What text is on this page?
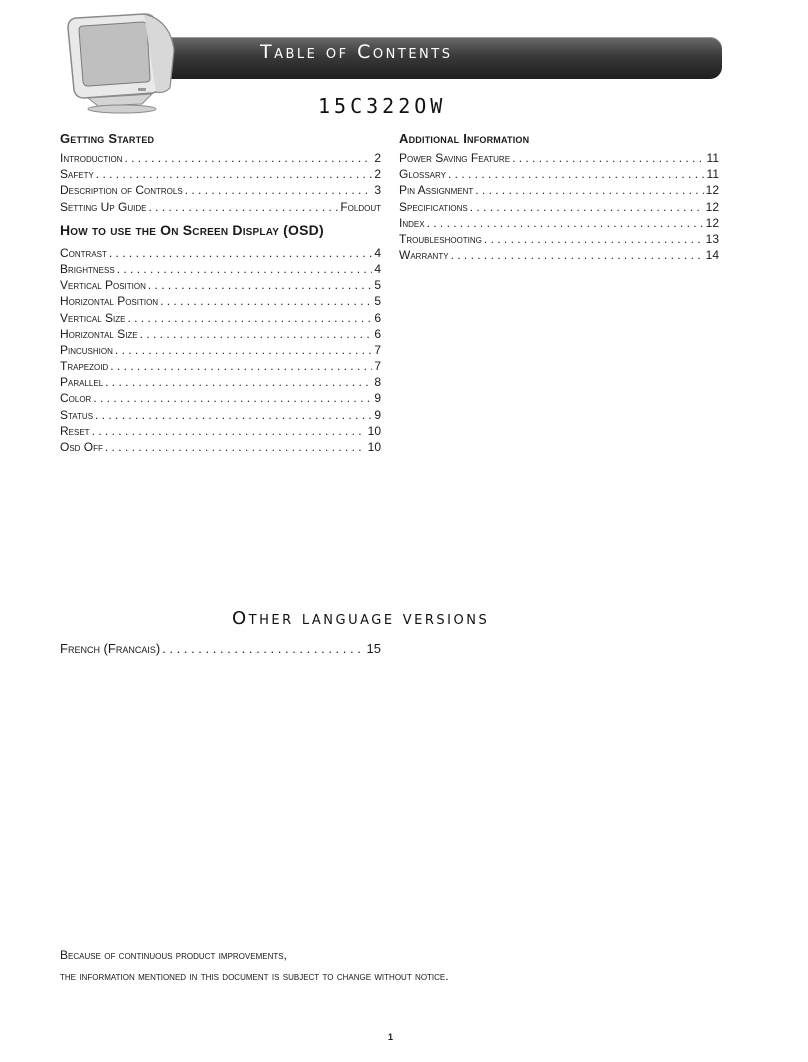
Table of Contents
15C322OW
Getting Started
Introduction . . .	2
Safety . . .	2
Description of Controls . . .	3
Setting Up Guide . . .	Foldout
How to use the On Screen Display (OSD)
Contrast . . .	4
Brightness . . .	4
Vertical Position . . .	5
Horizontal Position . . .	5
Vertical Size . . .	6
Horizontal Size . . .	6
Pincushion . . .	7
Trapezoid . . .	7
Parallel . . .	8
Color . . .	9
Status . . .	9
Reset . . .	10
Osd Off . . .	10
Additional Information
Power Saving Feature . . .	11
Glossary . . .	11
Pin Assignment . . .	12
Specifications . . .	12
Index . . .	12
Troubleshooting . . .	13
Warranty . . .	14
Other language versions
French (Francais) . . .	15
Because of continuous product improvements,
the information mentioned in this document is subject to change without notice.
1
